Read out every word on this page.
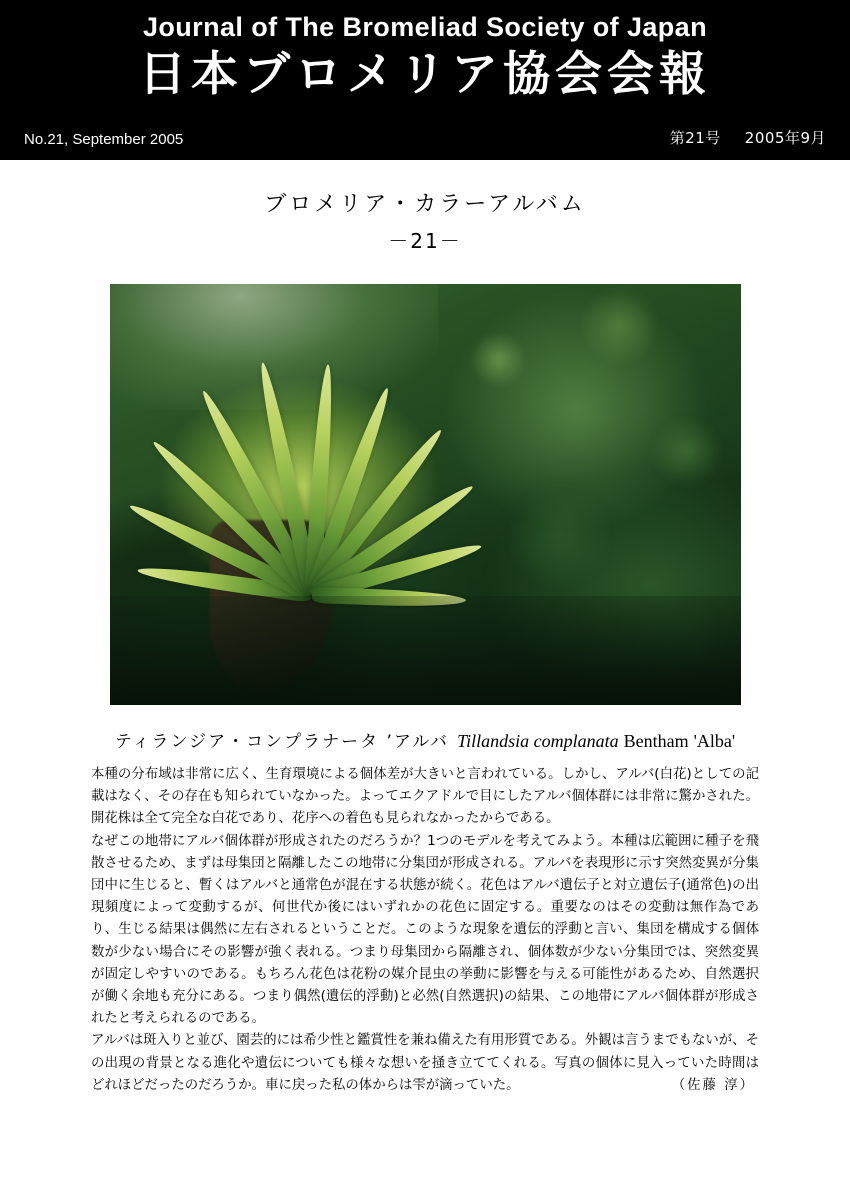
Journal of The Bromeliad Society of Japan
日本ブロメリア協会会報
No.21, September 2005	第21号 2005年9月
ブロメリア・カラーアルバム
－21－
ティランジア・コンプラナータ ’アルバ Tillandsia complanata Bentham 'Alba'

本種の分布域は非常に広く、生育環境による個体差が大きいと言われている。しかし、アルバ(白花)としての記載はなく、その存在も知られていなかった。よってエクアドルで目にしたアルバ個体群には非常に驚かされた。開花株は全て完全な白花であり、花序への着色も見られなかったからである。

なぜこの地帯にアルバ個体群が形成されたのだろうか？1つのモデルを考えてみよう。本種は広範囲に種子を飛散させるため、まずは母集団と隔離したこの地帯に分集団が形成される。アルバを表現形に示す突然変異が分集団中に生じると、暫くはアルバと通常色が混在する状態が続く。花色はアルバ遺伝子と対立遺伝子(通常色)の出現頻度によって変動するが、何世代か後にはいずれかの花色に固定する。重要なのはその変動は無作為であり、生じる結果は偶然に左右されるということだ。このような現象を遺伝的浮動と言い、集団を構成する個体数が少ない場合にその影響が強く表れる。つまり母集団から隔離され、個体数が少ない分集団では、突然変異が固定しやすいのである。もちろん花色は花粉の媒介昆虫の挙動に影響を与える可能性があるため、自然選択が働く余地も充分にある。つまり偶然(遺伝的浮動)と必然(自然選択)の結果、この地帯にアルバ個体群が形成されたと考えられるのである。

アルバは斑入りと並び、園芸的には希少性と鑑賞性を兼ね備えた有用形質である。外観は言うまでもないが、その出現の背景となる進化や遺伝についても様々な想いを掻き立ててくれる。写真の個体に見入っていた時間はどれほどだったのだろうか。車に戻った私の体からは雫が滴っていた。	（佐藤 淳）
